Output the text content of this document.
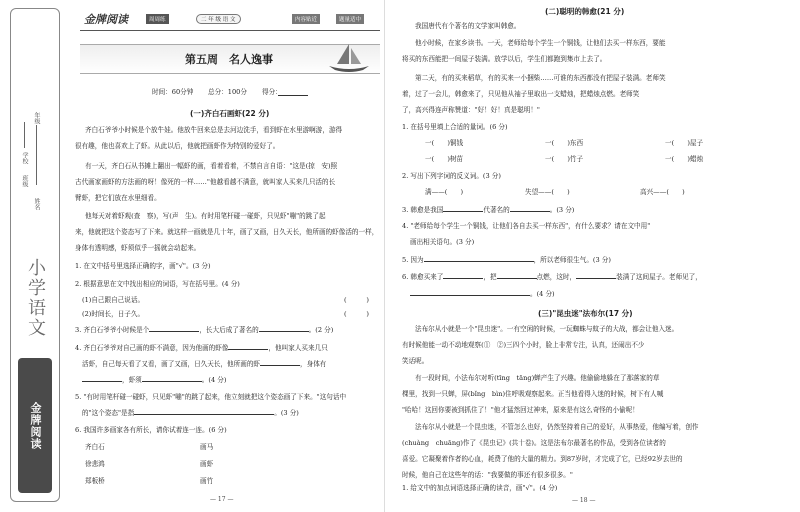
年级
姓名
学校
班级
小学语文
金牌阅读
金牌阅读	周周练	二 年 级 语 文	内容贴近	题量适中
第五周　名人逸事
时间：60分钟 总分：100分 得分：
(一)齐白石画虾(22 分)
齐白石爷爷小时候是个放牛娃。他放牛回来总是去河边洗手，看到虾在水里游啊游，游得
很有趣，他也喜欢上了虾。从此以后，他就把画虾作为特别的爱好了。
有一天，齐白石从书摊上翻出一幅虾的画，看着看着，不禁自言自语："这是(掠　安)照
古代画家画虾的方法画的呀！像死的一样……"他越看越不满意，就叫家人买来几只活的长
臂虾，把它们放在水里细看。
他每天对着虾观(查　察)，写(声　生)。有时用笔杆碰一碰虾，只见虾"嘣"的跳了起
来，他就把这个姿态写了下来。就这样一画就是几十年，画了又画，日久天长，他所画的虾像活的一样，
身体有透明感，虾须似乎一摇就会动起来。
1. 在文中括号里选择正确的字，画"√"。(3 分)
2. 根据意思在文中找出相应的词语，写在括号里。(4 分)
(1)自己跟自己说话。	(　　　)
(2)时间长，日子久。	(　　　)
3. 齐白石爷爷小时候是个	，长大后成了著名的	。(2 分)
4. 齐白石爷爷对自己画的虾不满意，因为他画的虾像	，他叫家人买来几只
活虾，自己每天看了又看，画了又画，日久天长，他所画的虾	，身体有
，虾须	。(4 分)
5. "有时用笔杆碰一碰虾，只见虾"嘣"的跳了起来，他立刻就把这个姿态画了下来。"这句话中
的"这个姿态"是指	。(3 分)
6. 我国许多画家各有所长，请你试着连一连。(6 分)
齐白石
徐悲鸿
郑板桥
画马
画虾
画竹
— 17 —
(二)聪明的韩愈(21 分)
我国唐代有个著名的文学家叫韩愈。
他小时候，在家乡读书。一天，老师给每个学生一个铜钱，让他们去买一样东西，要能
将买的东西能把一间屋子装满。放学以后，学生们都跑到集市上去了。
第二天，有的买来稻草，有的买来一小捆柴……可谁的东西都没有把屋子装满。老师笑
着，过了一会儿，韩愈来了，只见他从袖子里取出一支蜡烛，把蜡烛点燃。老师笑
了，高兴得连声称赞道："好！好！真是聪明！"
1. 在括号里填上合适的量词。(6 分)
一(　　)铜钱	一(　　)东西	一(　　)屋子
一(　　)树苗	一(　　)竹子	一(　　)蜡烛
2. 写出下列字词的反义词。(3 分)
满——(　　)	失望——(　　)	高兴——(　　)
3. 韩愈是我国	代著名的	。(3 分)
4. "老师给每个学生一个铜钱，让他们各自去买一样东西"，有什么要求？请在文中用"
画出相关语句。(3 分)
5. 因为	，所以老师很生气。(3 分)
6. 韩愈买来了	，把	点燃，这时，	装满了这间屋子。老师见了，
。(4 分)
(三)"昆虫迷"法布尔(17 分)
法布尔从小就是一个"昆虫迷"。一有空闲的时候，一玩蜘蛛与蚊子的大战，都会让他入迷。
有时候他能一动不动地观察(①　②)三四个小时，脸上非常专注，认真，还闹出不少
笑话呢。
有一段时间，小法布尔对听(tīng　tāng)蝉产生了兴趣。他偷偷地躲在了那落家的草
棵里，找到一只蝉，屏(bǐng　bìn)住呼吸观察起来。正当他看得入迷的时候，树下有人喊
"哈哈！这回你要被到抓住了！"他才猛然回过神来，原来是有这么奇怪的小偷呢！
法布尔从小就是一个昆虫迷，不管怎么也好，仍然坚持着自己的爱好，从事热爱，他编写着，创作
(chuàng　chuāng)作了《昆虫记》(共十卷)。这是法布尔最著名的作品，受到各位读者的
喜爱。它凝聚着作者的心血，耗费了他的大量的精力。到87岁时，才完成了它，已经92岁去世的
时候，他自己在这些年的话："我要做的事还有很多很多。"
1. 给文中的加点词语选择正确的读音，画"√"。(4 分)
— 18 —
